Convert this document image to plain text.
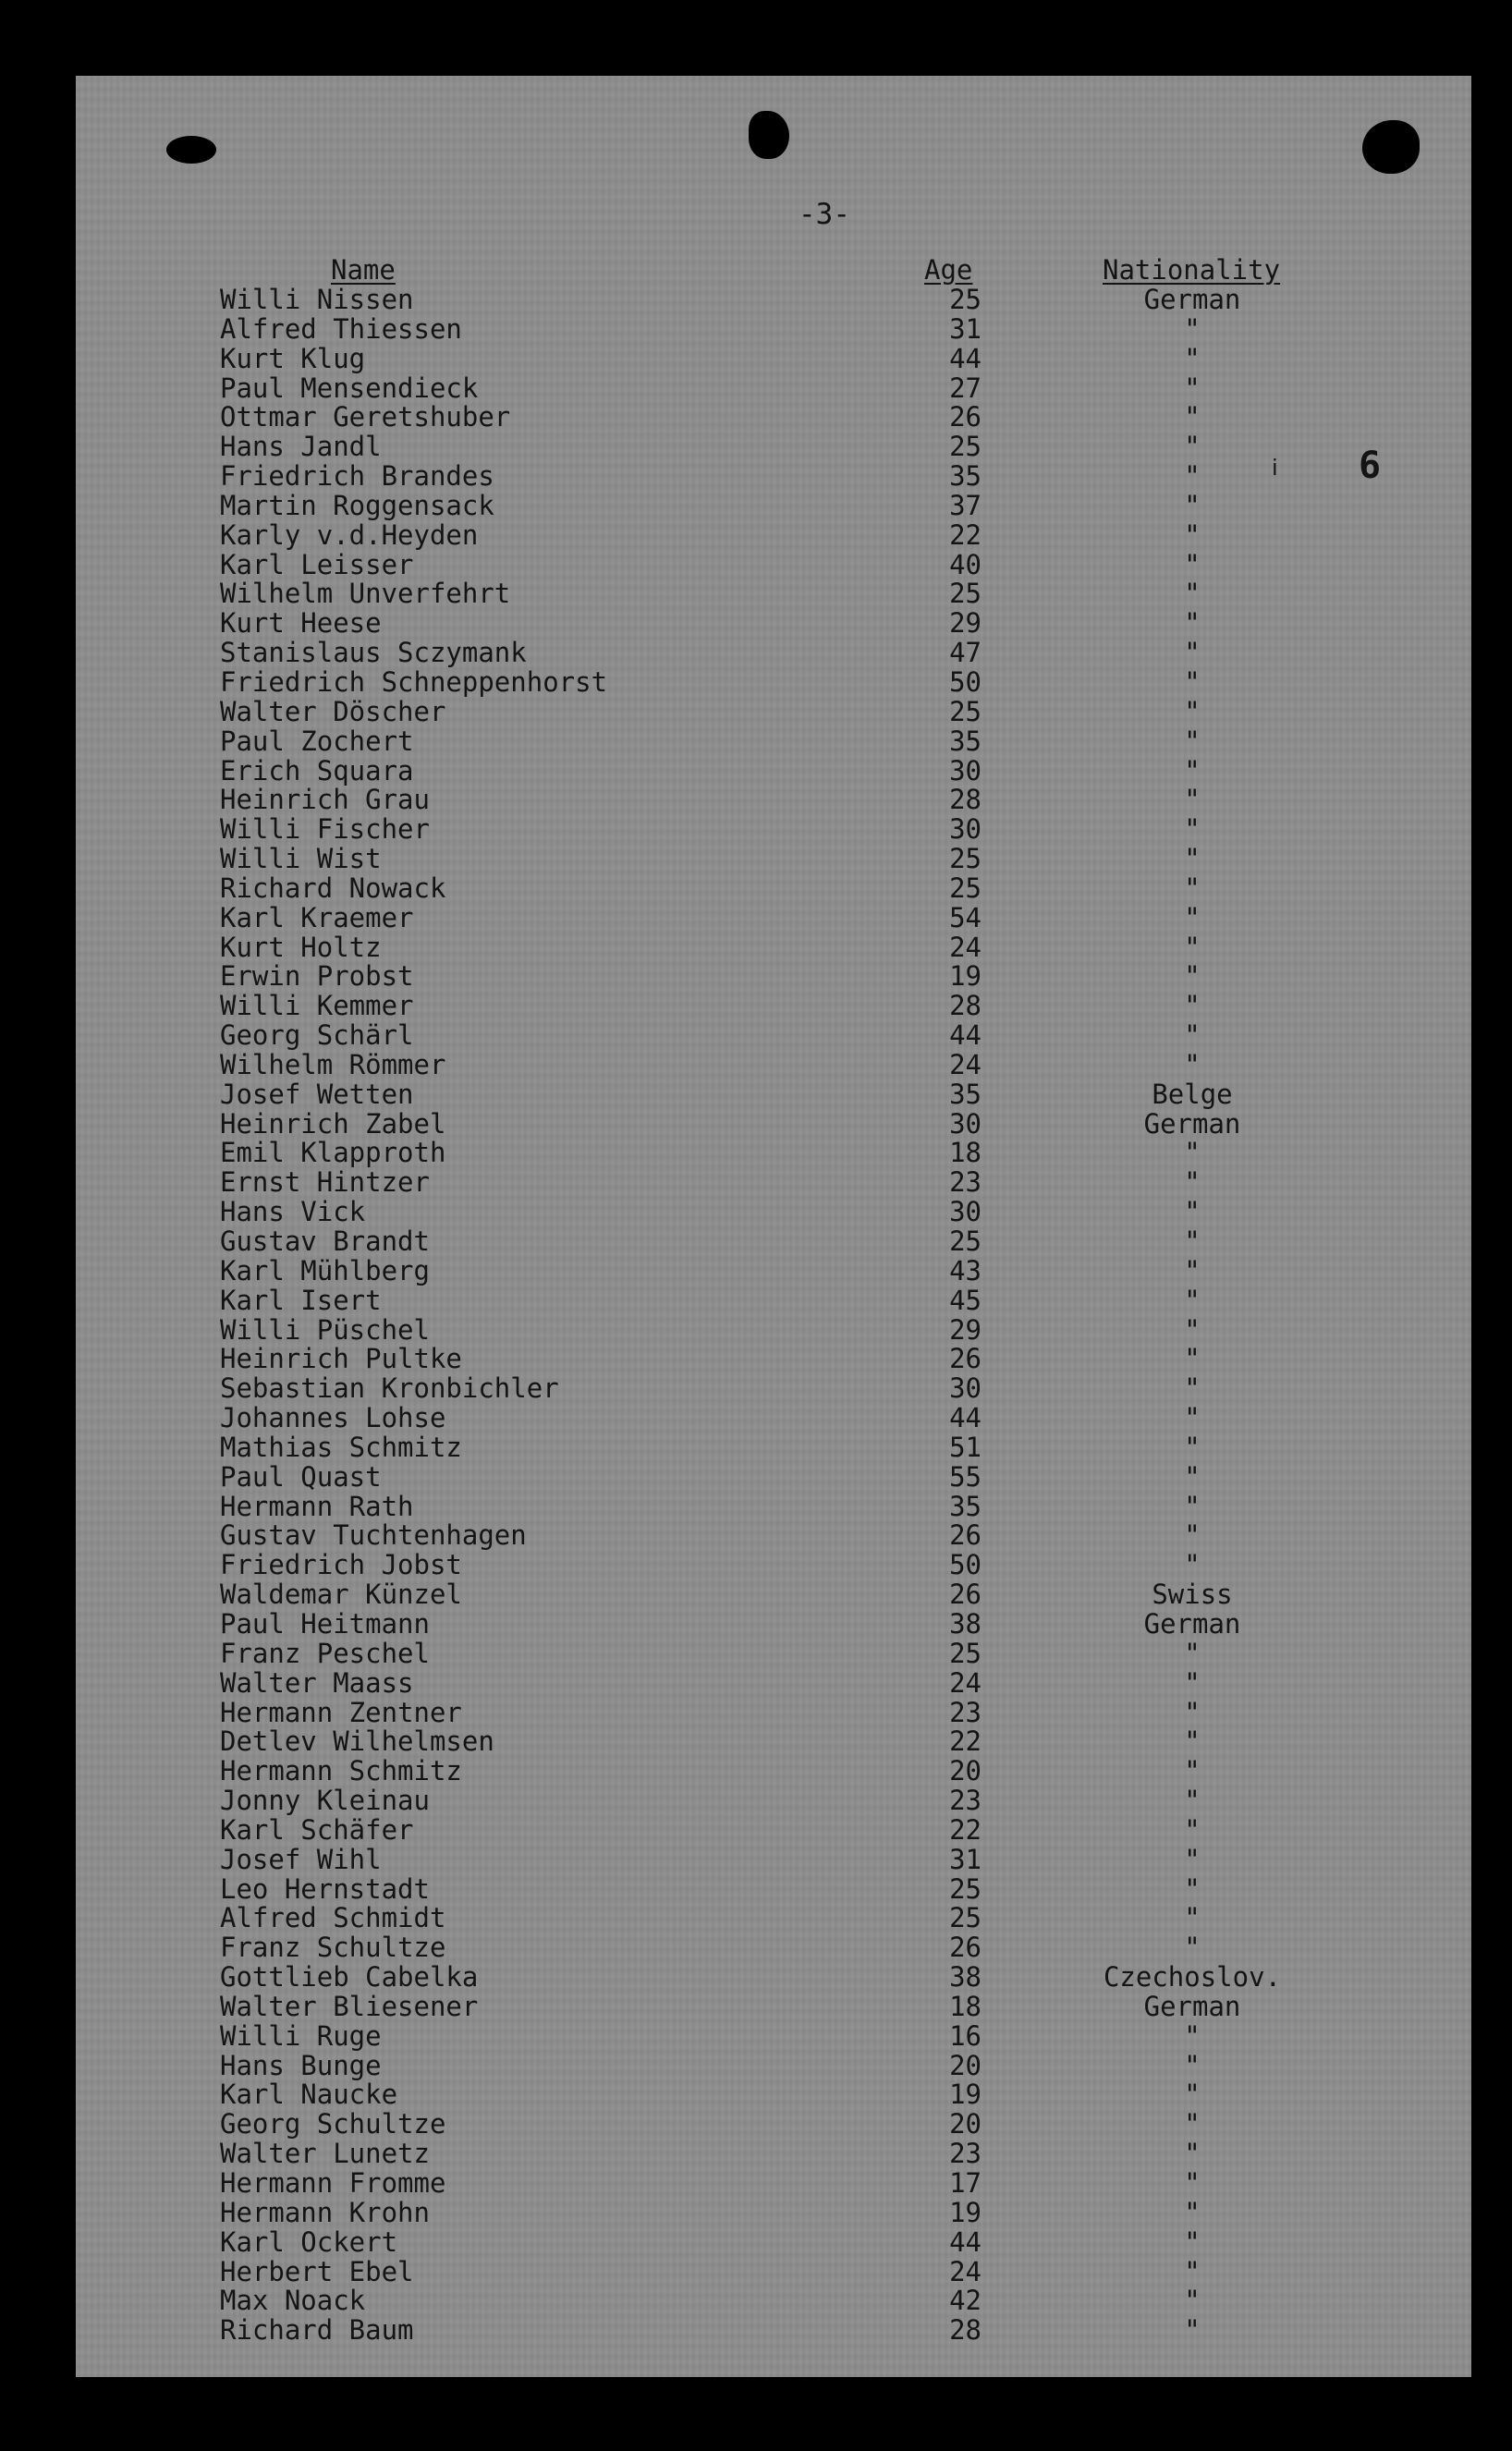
-3-
Name	Age	Nationality
ⅰ 6
Willi Nissen	25	German
Alfred Thiessen	31	"
Kurt Klug	44	"
Paul Mensendieck	27	"
Ottmar Geretshuber	26	"
Hans Jandl	25	"
Friedrich Brandes	35	"
Martin Roggensack	37	"
Karly v.d.Heyden	22	"
Karl Leisser	40	"
Wilhelm Unverfehrt	25	"
Kurt Heese	29	"
Stanislaus Sczymank	47	"
Friedrich Schneppenhorst	50	"
Walter Döscher	25	"
Paul Zochert	35	"
Erich Squara	30	"
Heinrich Grau	28	"
Willi Fischer	30	"
Willi Wist	25	"
Richard Nowack	25	"
Karl Kraemer	54	"
Kurt Holtz	24	"
Erwin Probst	19	"
Willi Kemmer	28	"
Georg Schärl	44	"
Wilhelm Römmer	24	"
Josef Wetten	35	Belge
Heinrich Zabel	30	German
Emil Klapproth	18	"
Ernst Hintzer	23	"
Hans Vick	30	"
Gustav Brandt	25	"
Karl Mühlberg	43	"
Karl Isert	45	"
Willi Püschel	29	"
Heinrich Pultke	26	"
Sebastian Kronbichler	30	"
Johannes Lohse	44	"
Mathias Schmitz	51	"
Paul Quast	55	"
Hermann Rath	35	"
Gustav Tuchtenhagen	26	"
Friedrich Jobst	50	"
Waldemar Künzel	26	Swiss
Paul Heitmann	38	German
Franz Peschel	25	"
Walter Maass	24	"
Hermann Zentner	23	"
Detlev Wilhelmsen	22	"
Hermann Schmitz	20	"
Jonny Kleinau	23	"
Karl Schäfer	22	"
Josef Wihl	31	"
Leo Hernstadt	25	"
Alfred Schmidt	25	"
Franz Schultze	26	"
Gottlieb Cabelka	38	Czechoslov.
Walter Bliesener	18	German
Willi Ruge	16	"
Hans Bunge	20	"
Karl Naucke	19	"
Georg Schultze	20	"
Walter Lunetz	23	"
Hermann Fromme	17	"
Hermann Krohn	19	"
Karl Ockert	44	"
Herbert Ebel	24	"
Max Noack	42	"
Richard Baum	28	"
